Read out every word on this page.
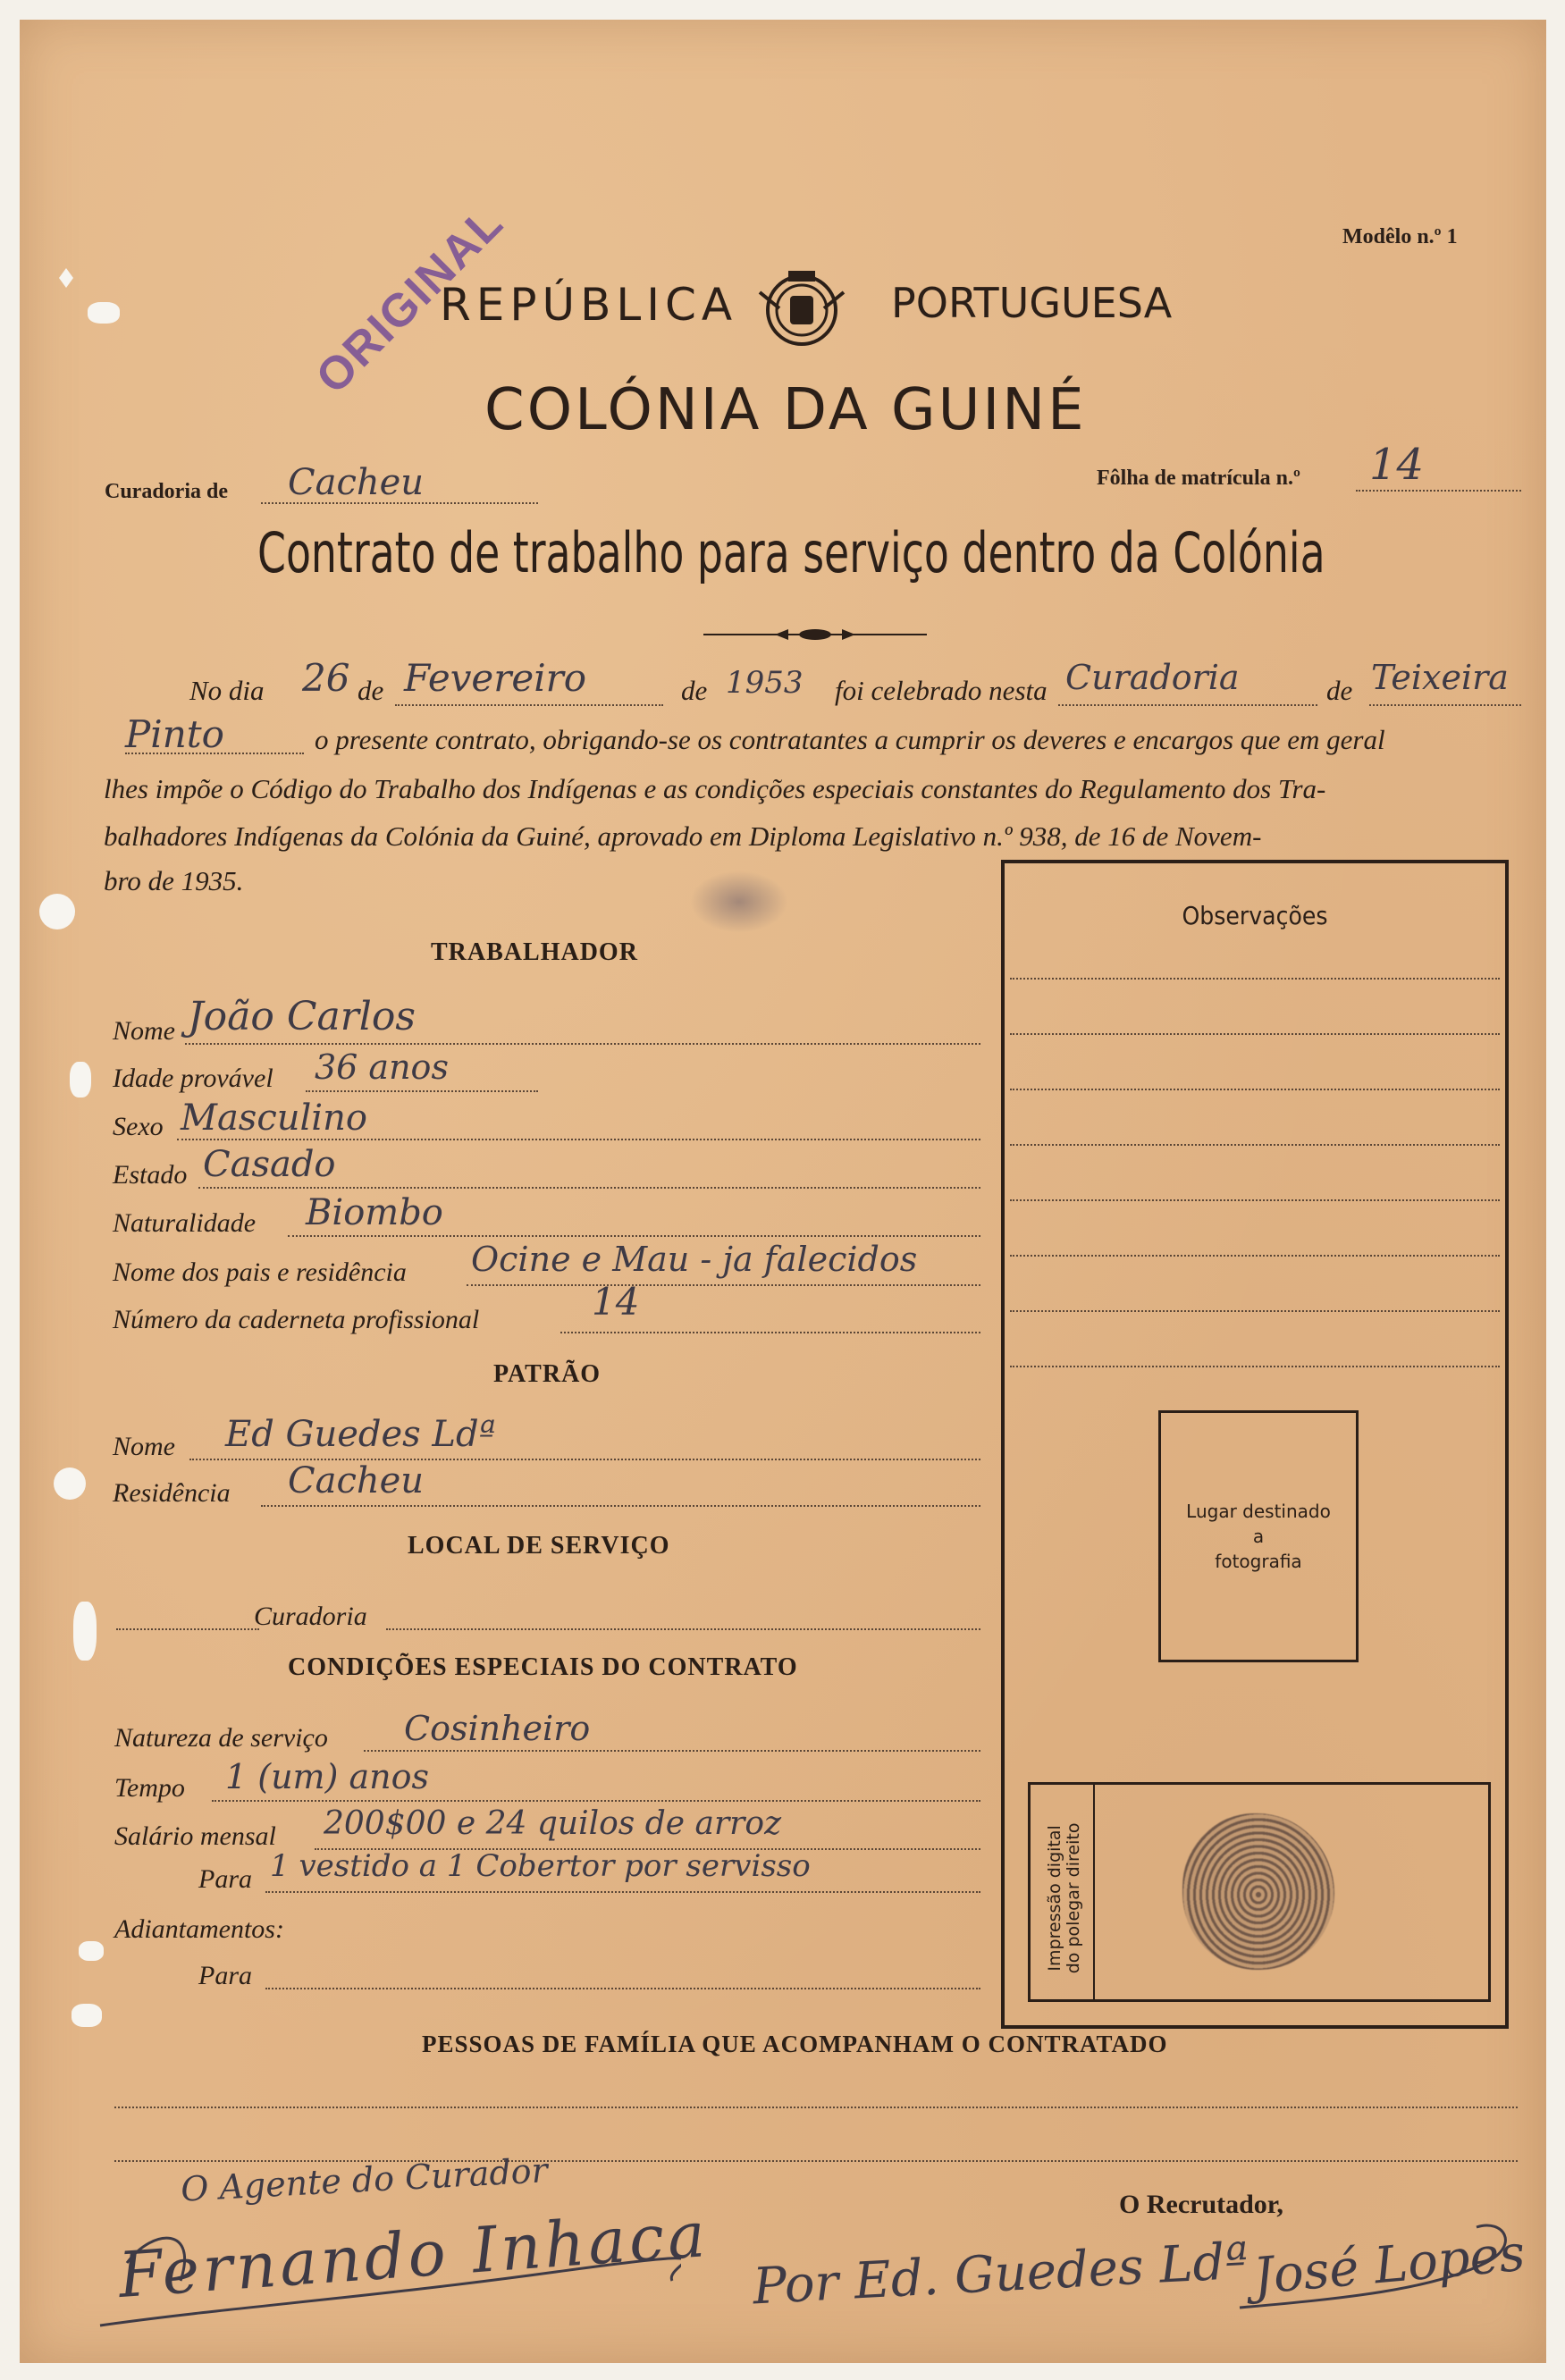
Modêlo n.º 1
ORIGINAL
REPÚBLICA	PORTUGUESA
COLÓNIA DA GUINÉ
Curadoria de Cacheu	Fôlha de matrícula n.º 14
Contrato de trabalho para serviço dentro da Colónia
No dia 26 de Fevereiro	de 1953 foi celebrado nesta Curadoria	de Teixeira
Pinto	o presente contrato, obrigando-se os contratantes a cumprir os deveres e encargos que em geral
lhes impõe o Código do Trabalho dos Indígenas e as condições especiais constantes do Regulamento dos Tra-
balhadores Indígenas da Colónia da Guiné, aprovado em Diploma Legislativo n.º 938, de 16 de Novem-
bro de 1935.
TRABALHADOR
Nome João Carlos
Idade provável 36 anos
Sexo Masculino
Estado Casado
Naturalidade Biombo
Nome dos pais e residência Ocine e Mau - ja falecidos
Número da caderneta profissional	14
PATRÃO
Nome Ed Guedes Ldª
Residência Cacheu
LOCAL DE SERVIÇO
Curadoria
CONDIÇÕES ESPECIAIS DO CONTRATO
Natureza de serviço Cosinheiro
Tempo 1 (um) anos
Salário mensal 200$00 e 24 quilos de arroz
Para 1 vestido a 1 Cobertor por servisso
Adiantamentos:
Para
Observações
Lugar destinado
a
fotografia
Impressão digital
do polegar direito
PESSOAS DE FAMÍLIA QUE ACOMPANHAM O CONTRATADO
O Agente do Curador
Fernando Inhaca	O Recrutador,
Por Ed. Guedes Ldª José Lopes
